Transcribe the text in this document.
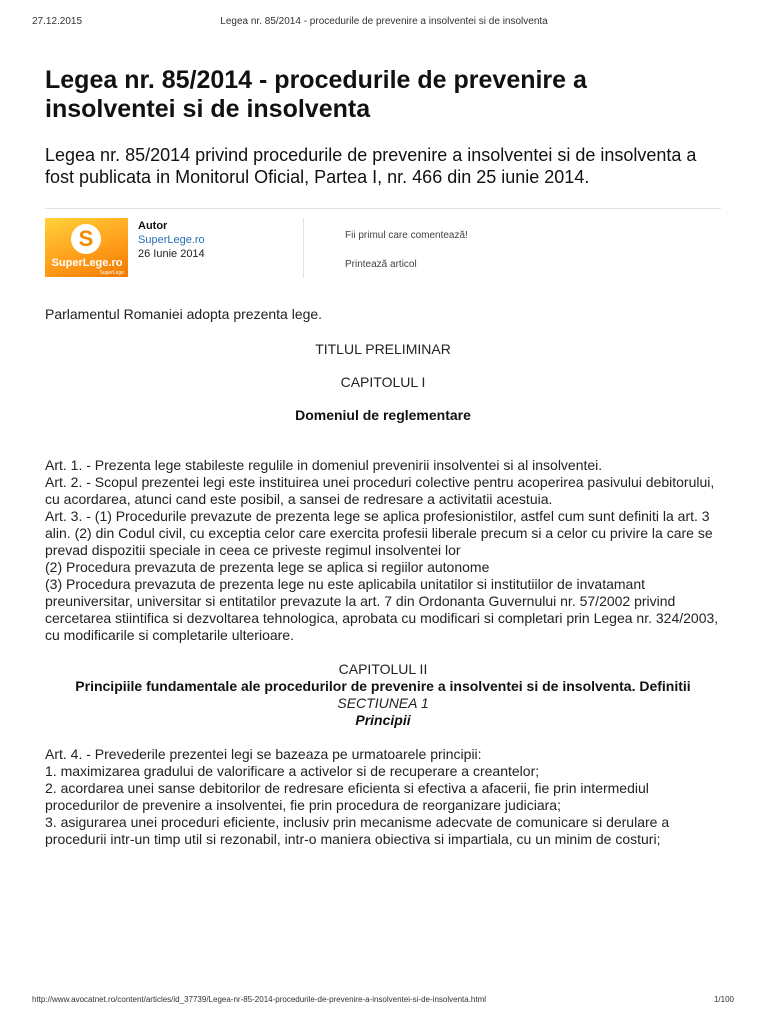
27.12.2015	Legea nr. 85/2014 - procedurile de prevenire a insolventei si de insolventa
Legea nr. 85/2014 - procedurile de prevenire a insolventei si de insolventa

Legea nr. 85/2014 privind procedurile de prevenire a insolventei si de insolventa a fost publicata in Monitorul Oficial, Partea I, nr. 466 din 25 iunie 2014.

S
SuperLege.ro
SuperLege
Autor
SuperLege.ro
26 Iunie 2014
Fii primul care comentează!
Printează articol

Parlamentul Romaniei adopta prezenta lege.

TITLUL PRELIMINAR
CAPITOLUL I
Domeniul de reglementare
Art. 1. - Prezenta lege stabileste regulile in domeniul prevenirii insolventei si al insolventei.
Art. 2. - Scopul prezentei legi este instituirea unei proceduri colective pentru acoperirea pasivului debitorului, cu acordarea, atunci cand este posibil, a sansei de redresare a activitatii acestuia.
Art. 3. - (1) Procedurile prevazute de prezenta lege se aplica profesionistilor, astfel cum sunt definiti la art. 3 alin. (2) din Codul civil, cu exceptia celor care exercita profesii liberale precum si a celor cu privire la care se prevad dispozitii speciale in ceea ce priveste regimul insolventei lor
(2) Procedura prevazuta de prezenta lege se aplica si regiilor autonome
(3) Procedura prevazuta de prezenta lege nu este aplicabila unitatilor si institutiilor de invatamant preuniversitar, universitar si entitatilor prevazute la art. 7 din Ordonanta Guvernului nr. 57/2002 privind cercetarea stiintifica si dezvoltarea tehnologica, aprobata cu modificari si completari prin Legea nr. 324/2003, cu modificarile si completarile ulterioare.
CAPITOLUL II
Principiile fundamentale ale procedurilor de prevenire a insolventei si de insolventa. Definitii
SECTIUNEA 1
Principii
Art. 4. - Prevederile prezentei legi se bazeaza pe urmatoarele principii:
1. maximizarea gradului de valorificare a activelor si de recuperare a creantelor;
2. acordarea unei sanse debitorilor de redresare eficienta si efectiva a afacerii, fie prin intermediul procedurilor de prevenire a insolventei, fie prin procedura de reorganizare judiciara;
3. asigurarea unei proceduri eficiente, inclusiv prin mecanisme adecvate de comunicare si derulare a procedurii intr-un timp util si rezonabil, intr-o maniera obiectiva si impartiala, cu un minim de costuri;
http://www.avocatnet.ro/content/articles/id_37739/Legea-nr-85-2014-procedurile-de-prevenire-a-insolventei-si-de-insolventa.html	1/100
